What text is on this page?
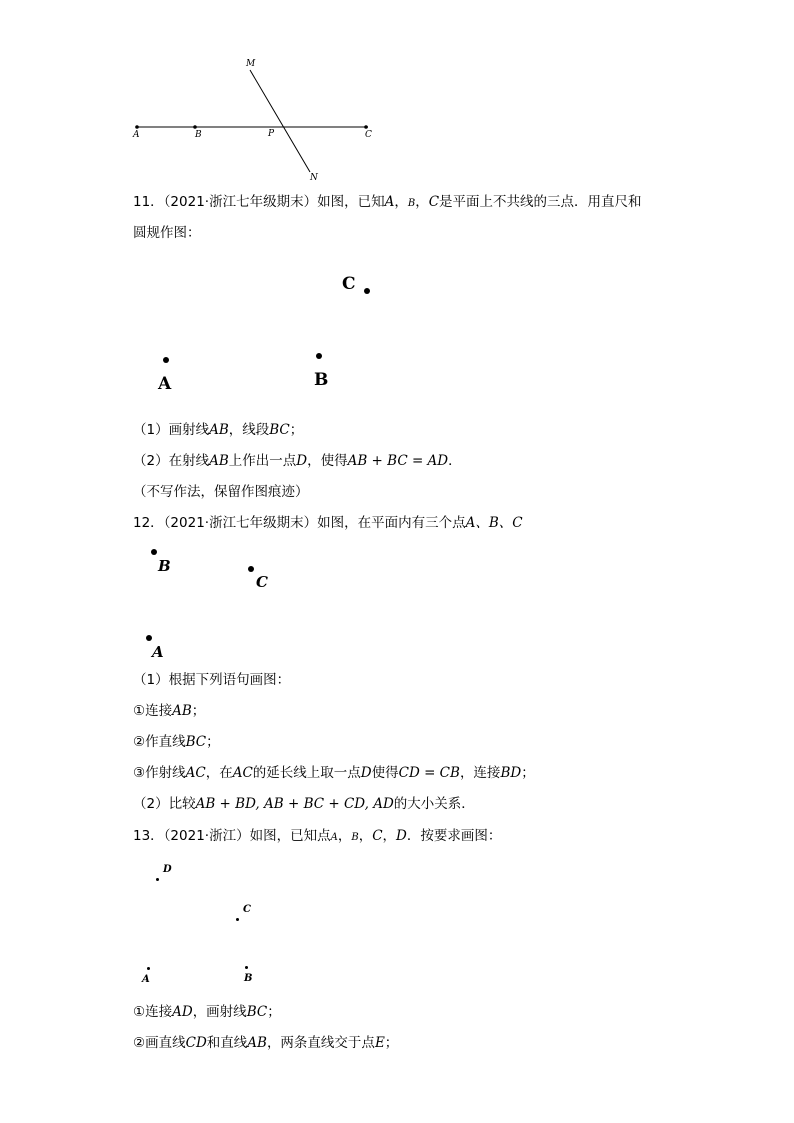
M
A	B	P	C
N
11．（2021·浙江七年级期末）如图，已知A，B，C是平面上不共线的三点．用直尺和
圆规作图：
C
A	B
（1）画射线AB，线段BC；
（2）在射线AB上作出一点D，使得AB + BC = AD．
（不写作法，保留作图痕迹）
12．（2021·浙江七年级期末）如图，在平面内有三个点A、B、C
B
C
A
（1）根据下列语句画图：
①连接AB；
②作直线BC；
③作射线AC，在AC的延长线上取一点D使得CD = CB，连接BD；
（2）比较AB + BD, AB + BC + CD, AD的大小关系．
13．（2021·浙江）如图，已知点A，B，C，D．按要求画图：
D
C
A	B
①连接AD，画射线BC；
②画直线CD和直线AB，两条直线交于点E；
